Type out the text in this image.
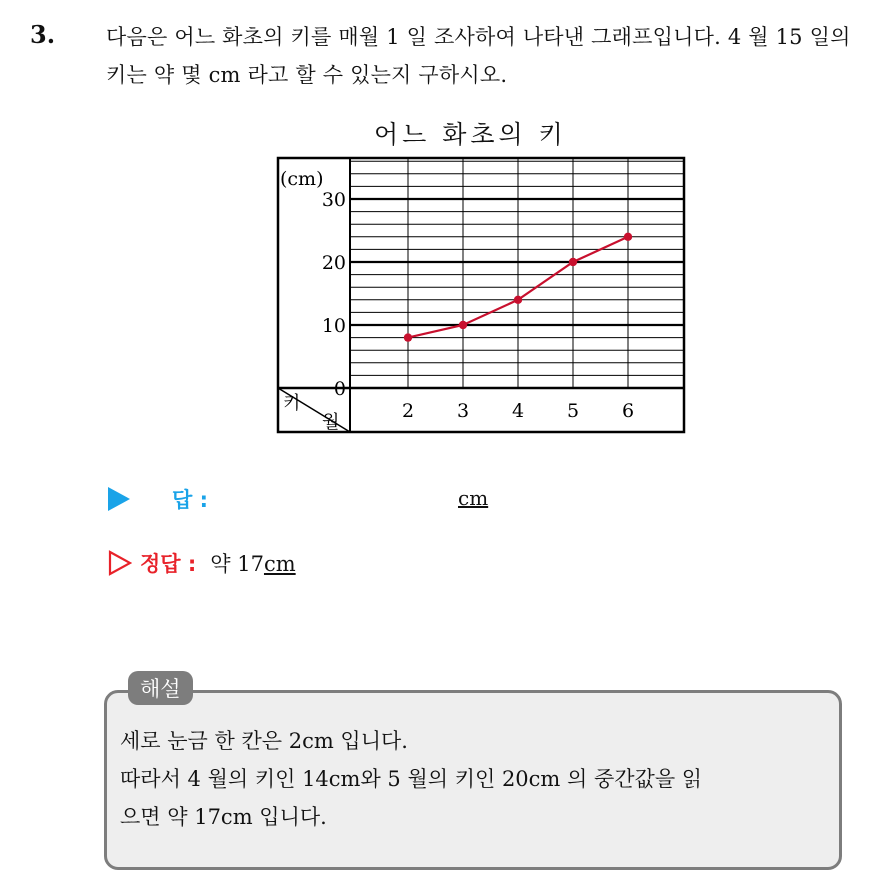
3. 다음은 어느 화초의 키를 매월 1 일 조사하여 나타낸 그래프입니다. 4 월 15 일의 키는 약 몇 cm 라고 할 수 있는지 구하시오.
어느 화초의 키
키
월
(cm)
0
10
20
30
2 3 4 5 6
답 :	cm
정답 : 약 17cm
해설
세로 눈금 한 칸은 2cm 입니다.
따라서 4 월의 키인 14cm와 5 월의 키인 20cm 의 중간값을 읽
으면 약 17cm 입니다.
